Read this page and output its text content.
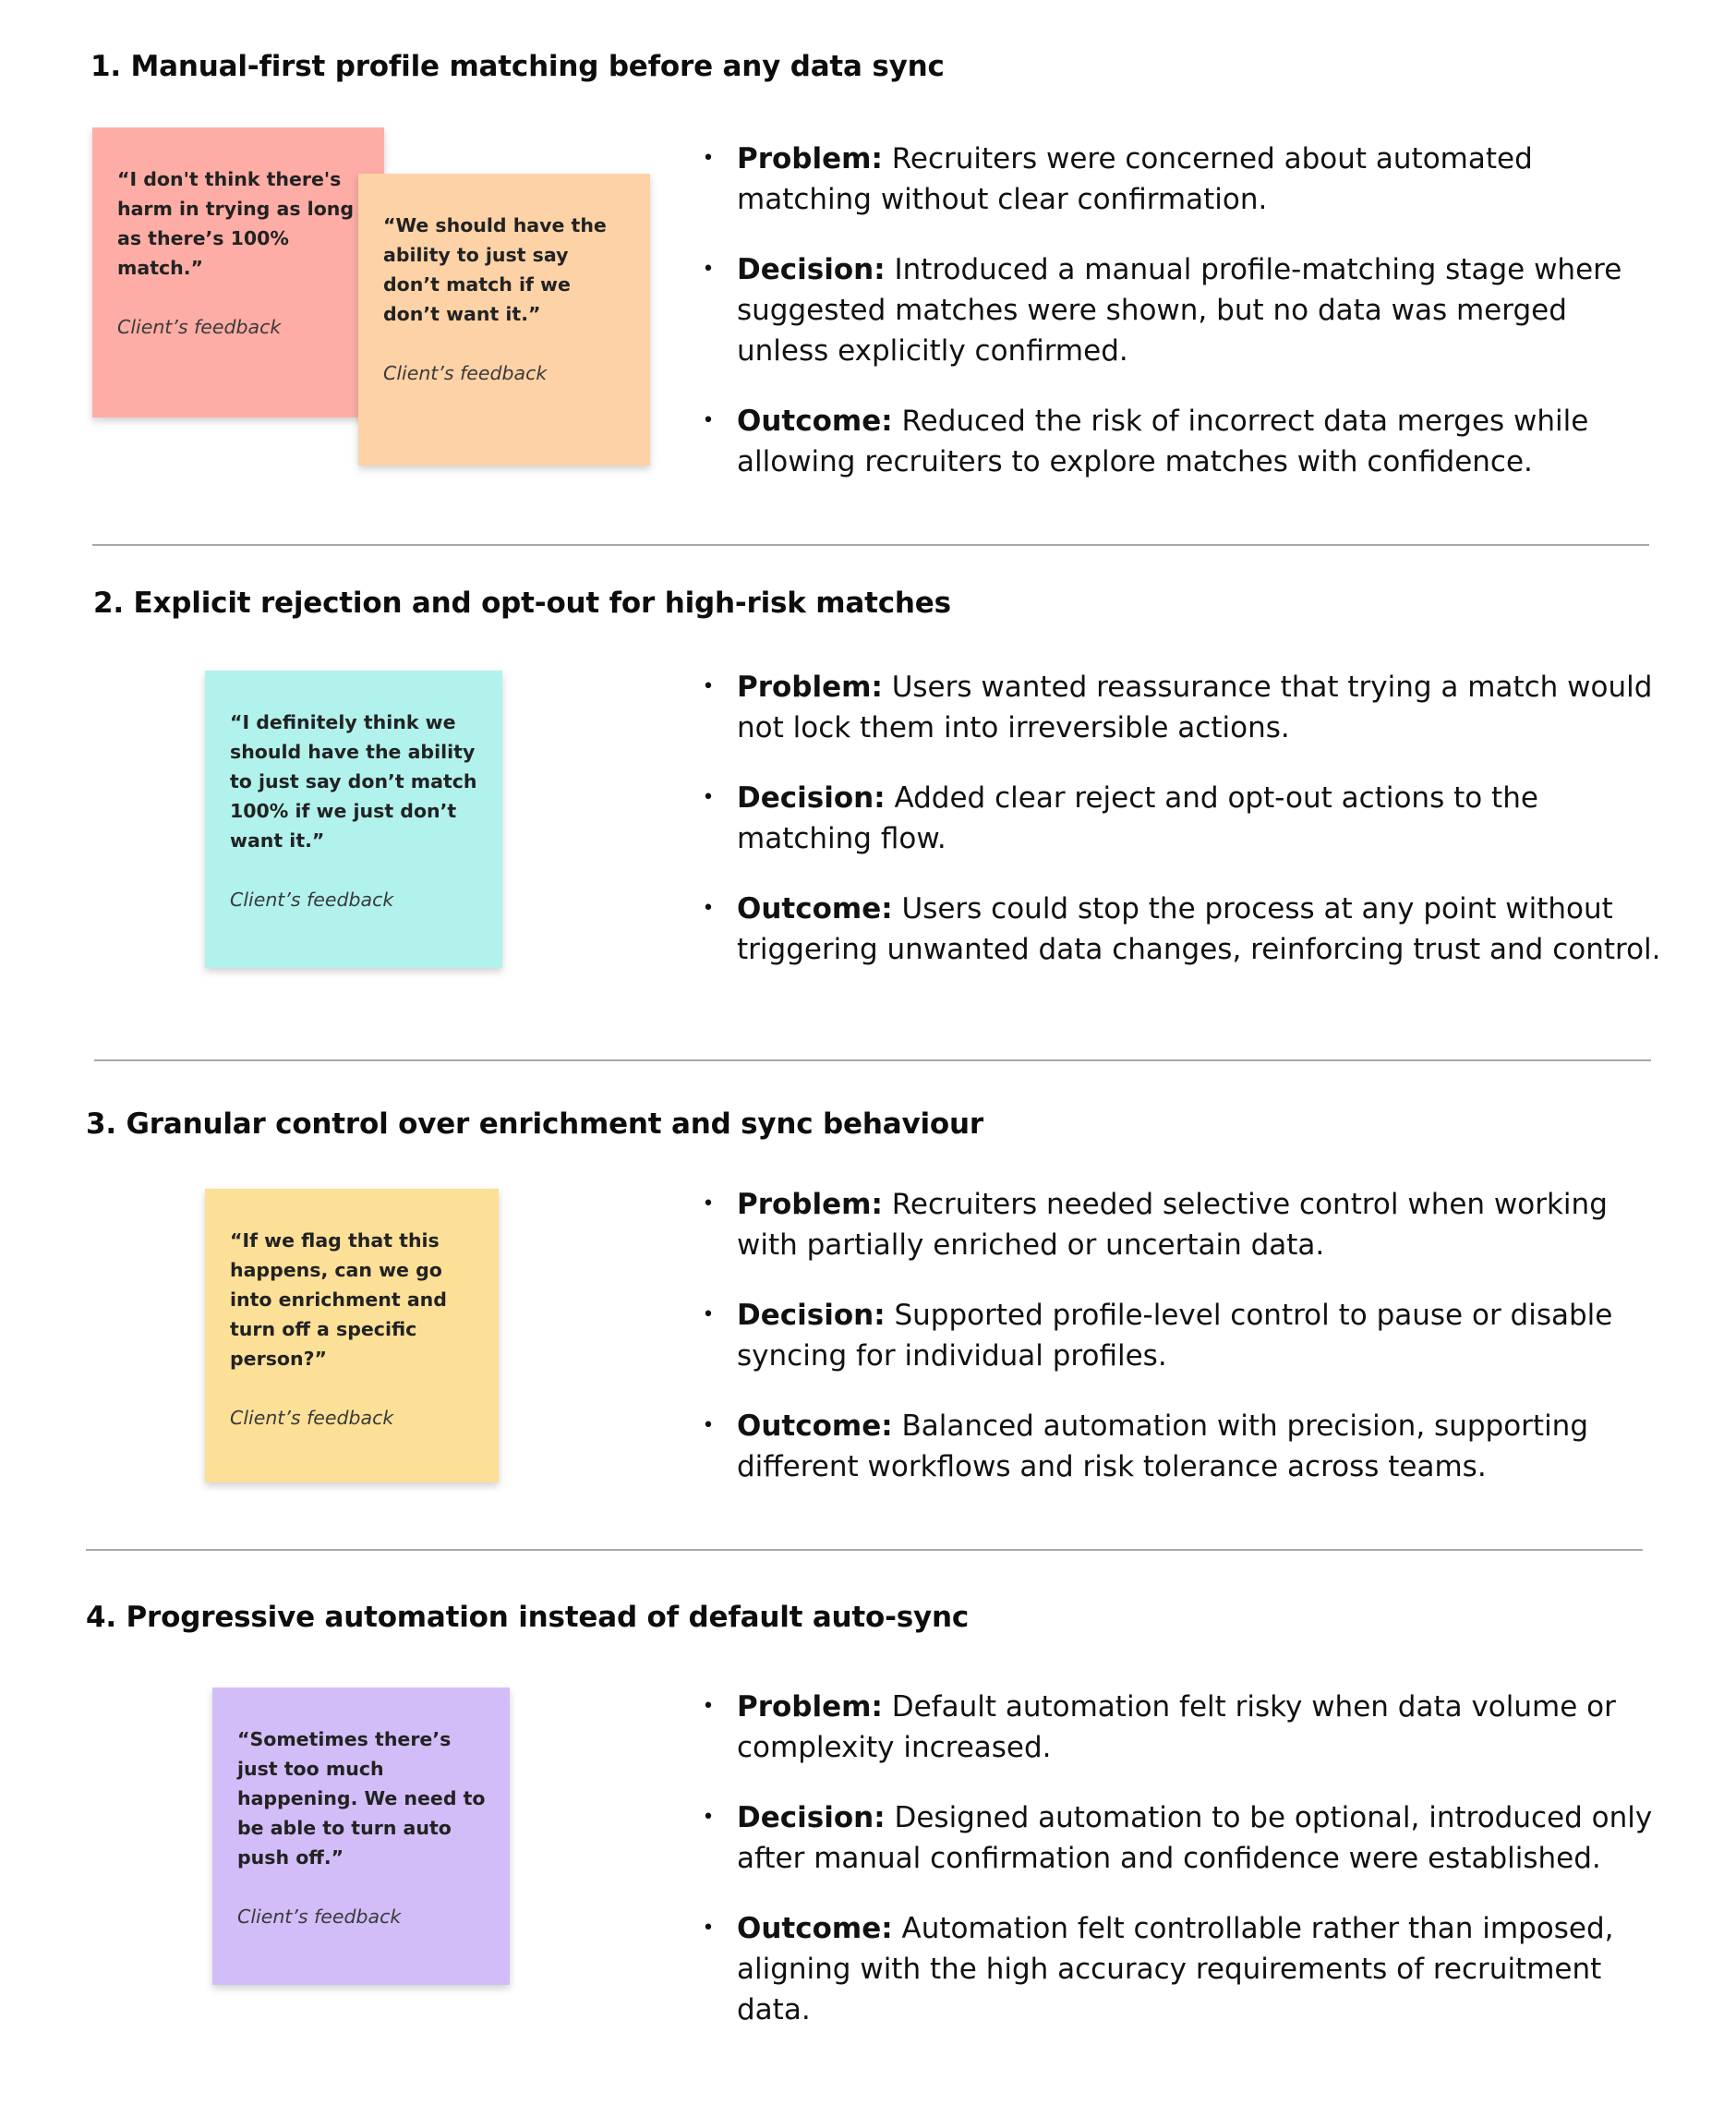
1. Manual-first profile matching before any data sync
“I don't think there's harm in trying as long as there’s 100% match.”
Client’s feedback
“We should have the ability to just say don’t match if we don’t want it.”
Client’s feedback
• Problem: Recruiters were concerned about automated matching without clear confirmation.
• Decision: Introduced a manual profile-matching stage where suggested matches were shown, but no data was merged unless explicitly confirmed.
• Outcome: Reduced the risk of incorrect data merges while allowing recruiters to explore matches with confidence.
2. Explicit rejection and opt-out for high-risk matches
“I definitely think we should have the ability to just say don’t match 100% if we just don’t want it.”
Client’s feedback
• Problem: Users wanted reassurance that trying a match would not lock them into irreversible actions.
• Decision: Added clear reject and opt-out actions to the matching flow.
• Outcome: Users could stop the process at any point without triggering unwanted data changes, reinforcing trust and control.
3. Granular control over enrichment and sync behaviour
“If we flag that this happens, can we go into enrichment and turn off a specific person?”
Client’s feedback
• Problem: Recruiters needed selective control when working with partially enriched or uncertain data.
• Decision: Supported profile-level control to pause or disable syncing for individual profiles.
• Outcome: Balanced automation with precision, supporting different workflows and risk tolerance across teams.
4. Progressive automation instead of default auto-sync
“Sometimes there’s just too much happening. We need to be able to turn auto push off.”
Client’s feedback
• Problem: Default automation felt risky when data volume or complexity increased.
• Decision: Designed automation to be optional, introduced only after manual confirmation and confidence were established.
• Outcome: Automation felt controllable rather than imposed, aligning with the high accuracy requirements of recruitment data.
